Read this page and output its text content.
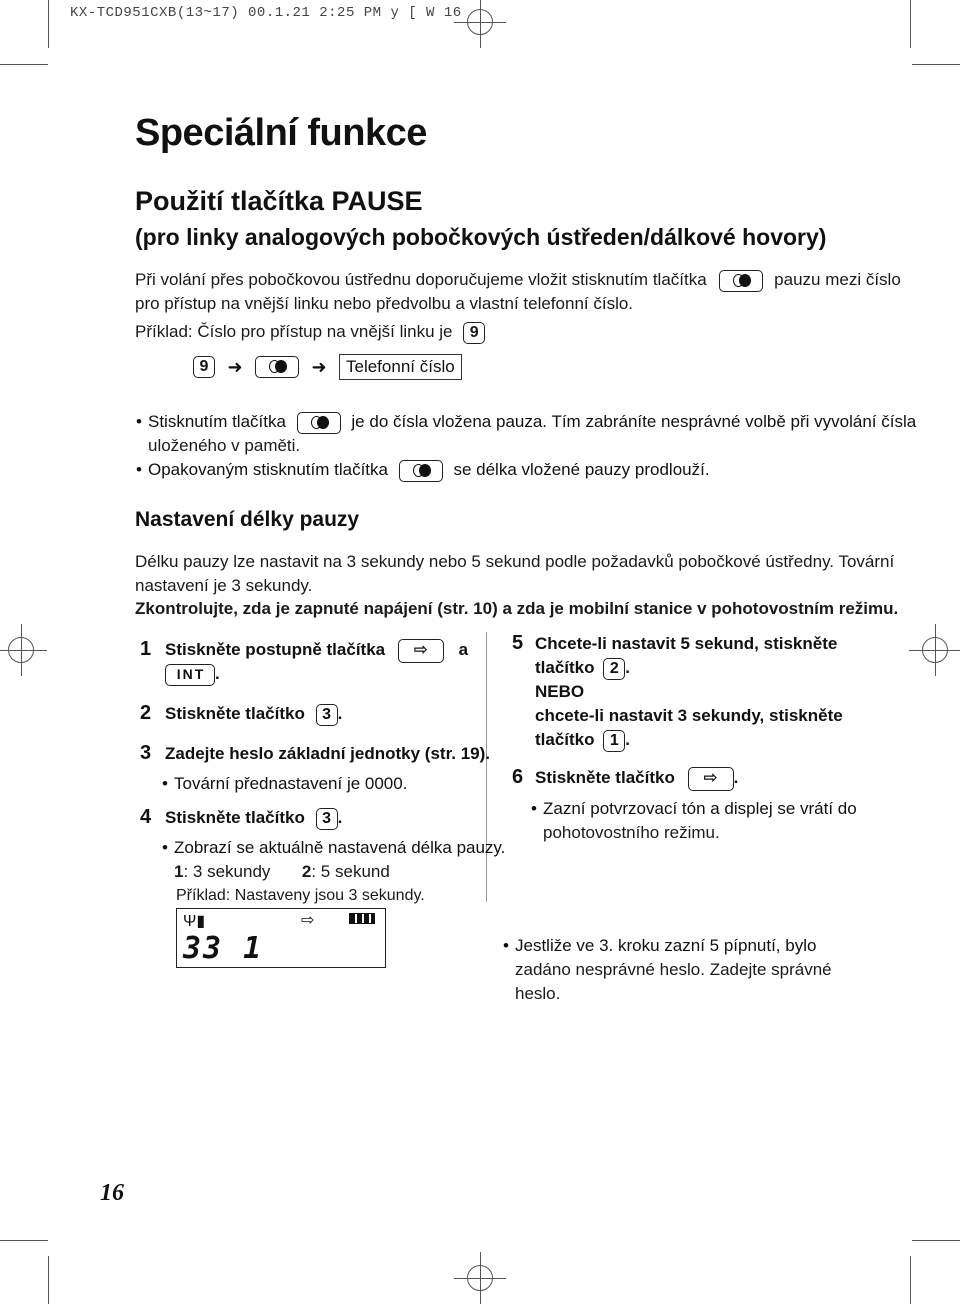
KX-TCD951CXB(13~17) 00.1.21 2:25 PM y [ W 16
Speciální funkce
Použití tlačítka PAUSE
(pro linky analogových pobočkových ústředen/dálkové hovory)
Při volání přes pobočkovou ústřednu doporučujeme vložit stisknutím tlačítka	pauzu mezi číslo
pro přístup na vnější linku nebo předvolbu a vlastní telefonní číslo.
Příklad: Číslo pro přístup na vnější linku je 9
9 ➜	➜ Telefonní číslo
• Stisknutím tlačítka	je do čísla vložena pauza. Tím zabráníte nesprávné volbě při vyvolání čísla
uloženého v paměti.
• Opakovaným stisknutím tlačítka	se délka vložené pauzy prodlouží.
Nastavení délky pauzy
Délku pauzy lze nastavit na 3 sekundy nebo 5 sekund podle požadavků pobočkové ústředny. Tovární
nastavení je 3 sekundy.
Zkontrolujte, zda je zapnuté napájení (str. 10) a zda je mobilní stanice v pohotovostním režimu.
1 Stiskněte postupně tlačítka ⇨ a
INT .
2 Stiskněte tlačítko 3 .
3 Zadejte heslo základní jednotky (str. 19).
• Tovární přednastavení je 0000.
4 Stiskněte tlačítko 3 .
• Zobrazí se aktuálně nastavená délka pauzy.
1: 3 sekundy 2: 5 sekund
Příklad: Nastaveny jsou 3 sekundy.
Ψ▮	⇨
33 1
5 Chcete-li nastavit 5 sekund, stiskněte
tlačítko 2 .
NEBO
chcete-li nastavit 3 sekundy, stiskněte
tlačítko 1 .
6 Stiskněte tlačítko ⇨ .
• Zazní potvrzovací tón a displej se vrátí do
pohotovostního režimu.
• Jestliže ve 3. kroku zazní 5 pípnutí, bylo
zadáno nesprávné heslo. Zadejte správné
heslo.
16
